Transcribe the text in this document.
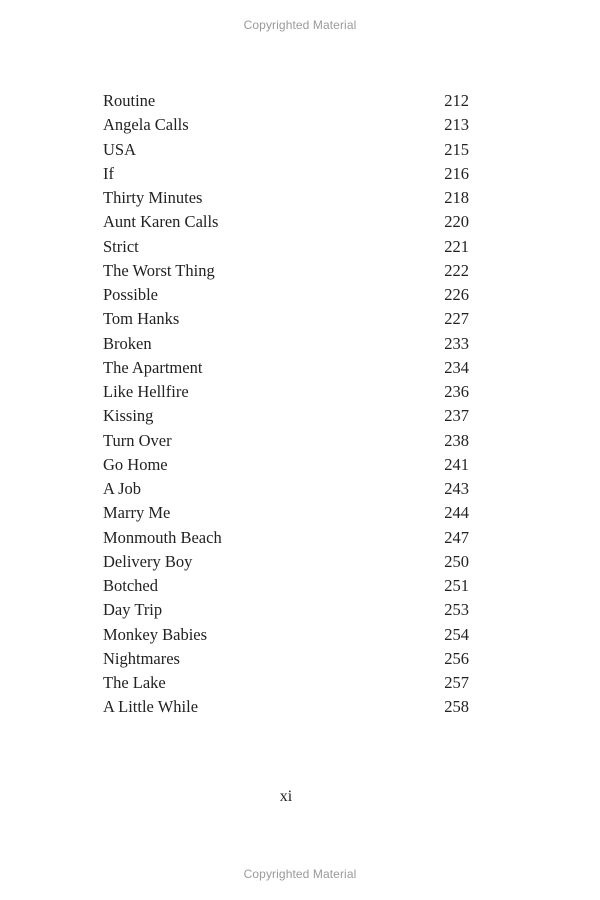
Copyrighted Material
Routine	212
Angela Calls	213
USA	215
If	216
Thirty Minutes	218
Aunt Karen Calls	220
Strict	221
The Worst Thing	222
Possible	226
Tom Hanks	227
Broken	233
The Apartment	234
Like Hellfire	236
Kissing	237
Turn Over	238
Go Home	241
A Job	243
Marry Me	244
Monmouth Beach	247
Delivery Boy	250
Botched	251
Day Trip	253
Monkey Babies	254
Nightmares	256
The Lake	257
A Little While	258
xi
Copyrighted Material
